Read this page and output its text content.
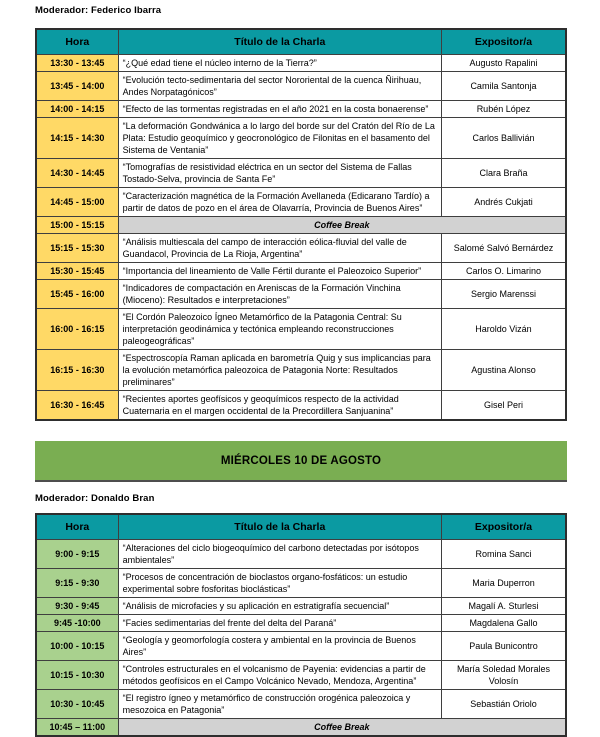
Moderador: Federico Ibarra
Hora	Título de la Charla	Expositor/a
13:30 - 13:45	“¿Qué edad tiene el núcleo interno de la Tierra?”	Augusto Rapalini
13:45 - 14:00	“Evolución tecto-sedimentaria del sector Nororiental de la cuenca Ñirihuau, Andes Norpatagónicos”	Camila Santonja
14:00 - 14:15	“Efecto de las tormentas registradas en el año 2021 en la costa bonaerense”	Rubén López
14:15 - 14:30	“La deformación Gondwánica a lo largo del borde sur del Cratón del Río de La Plata: Estudio geoquímico y geocronológico de Filonitas en el basamento del Sistema de Ventania”	Carlos Ballivián
14:30 - 14:45	“Tomografías de resistividad eléctrica en un sector del Sistema de Fallas Tostado-Selva, provincia de Santa Fe”	Clara Braña
14:45 - 15:00	“Caracterización magnética de la Formación Avellaneda (Edicarano Tardío) a partir de datos de pozo en el área de Olavarría, Provincia de Buenos Aires”	Andrés Cukjati
15:00 - 15:15	Coffee Break	
15:15 - 15:30	“Análisis multiescala del campo de interacción eólica-fluvial del valle de Guandacol, Provincia de La Rioja, Argentina”	Salomé Salvó Bernárdez
15:30 - 15:45	“Importancia del lineamiento de Valle Fértil durante el Paleozoico Superior”	Carlos O. Limarino
15:45 - 16:00	“Indicadores de compactación en Areniscas de la Formación Vinchina (Mioceno): Resultados e interpretaciones”	Sergio Marenssi
16:00 - 16:15	“El Cordón Paleozoico Ígneo Metamórfico de la Patagonia Central: Su interpretación geodinámica y tectónica empleando reconstrucciones paleogeográficas”	Haroldo Vizán
16:15 - 16:30	“Espectroscopía Raman aplicada en barometría Quig y sus implicancias para la evolución metamórfica paleozoica de Patagonia Norte: Resultados preliminares”	Agustina Alonso
16:30 - 16:45	“Recientes aportes geofísicos y geoquímicos respecto de la actividad Cuaternaria en el margen occidental de la Precordillera Sanjuanina”	Gisel Peri
MIÉRCOLES 10 DE AGOSTO
Moderador: Donaldo Bran
Hora	Título de la Charla	Expositor/a
9:00 - 9:15	“Alteraciones del ciclo biogeoquímico del carbono detectadas por isótopos ambientales”	Romina Sanci
9:15 - 9:30	“Procesos de concentración de bioclastos organo-fosfáticos: un estudio experimental sobre fosforitas bioclásticas”	Maria Duperron
9:30 - 9:45	“Análisis de microfacies y su aplicación en estratigrafía secuencial”	Magalí A. Sturlesi
9:45 -10:00	“Facies sedimentarias del frente del delta del Paraná”	Magdalena Gallo
10:00 - 10:15	“Geología y geomorfología costera y ambiental en la provincia de Buenos Aires”	Paula Bunicontro
10:15 - 10:30	“Controles estructurales en el volcanismo de Payenia: evidencias a partir de métodos geofísicos en el Campo Volcánico Nevado, Mendoza, Argentina”	María Soledad Morales Volosín
10:30 - 10:45	“El registro ígneo y metamórfico de construcción orogénica paleozoica y mesozoica en Patagonia”	Sebastián Oriolo
10:45 – 11:00	Coffee Break	
